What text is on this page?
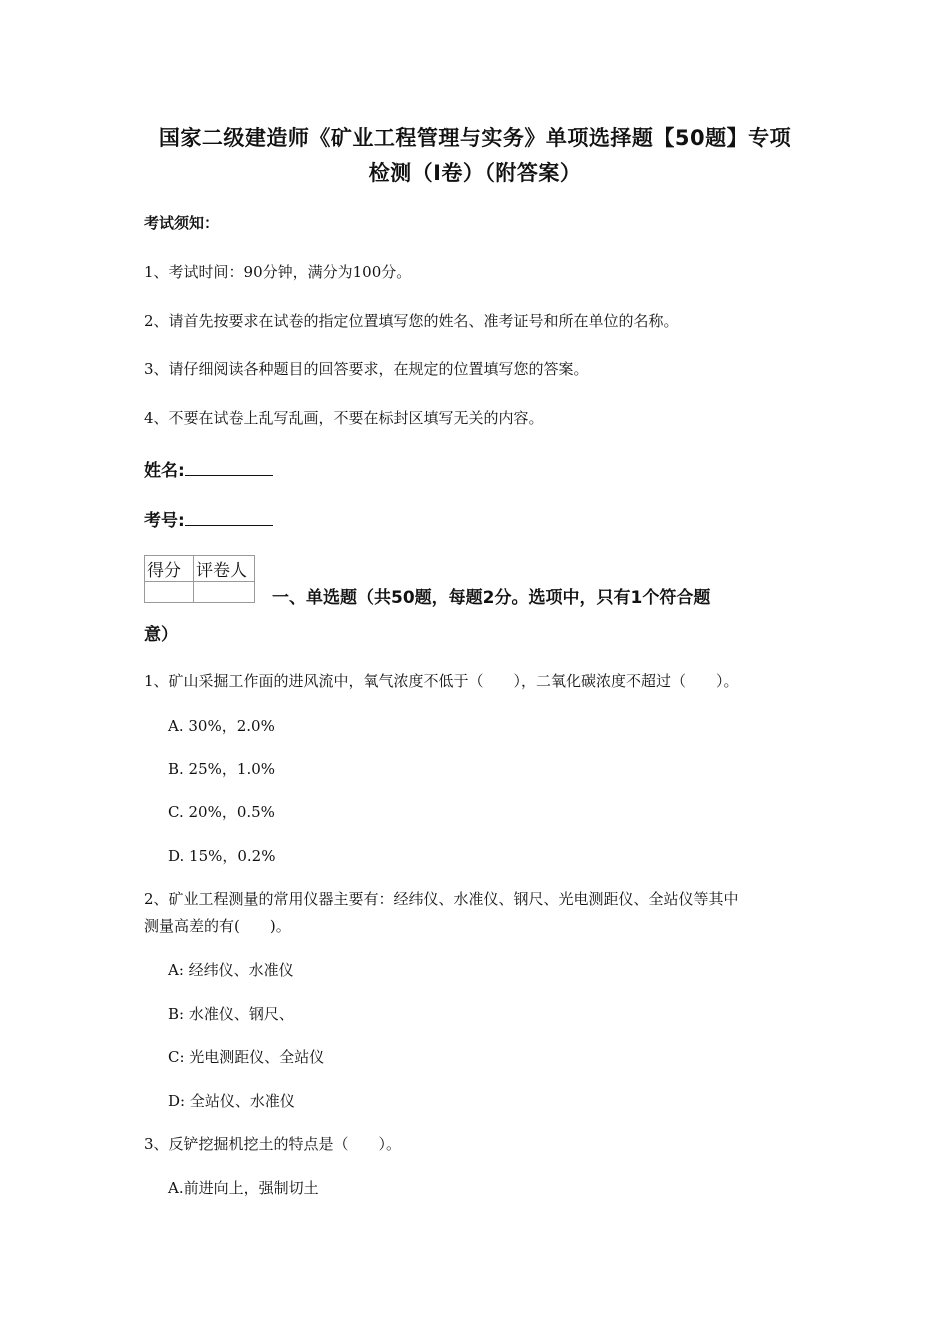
国家二级建造师《矿业工程管理与实务》单项选择题【50题】专项
检测（I卷）（附答案）
考试须知：
1、考试时间：90分钟，满分为100分。
2、请首先按要求在试卷的指定位置填写您的姓名、准考证号和所在单位的名称。
3、请仔细阅读各种题目的回答要求，在规定的位置填写您的答案。
4、不要在试卷上乱写乱画，不要在标封区填写无关的内容。
姓名:
考号:
得分	评卷人

一、单选题（共50题，每题2分。选项中，只有1个符合题
意）
1、矿山采掘工作面的进风流中，氧气浓度不低于（　　），二氧化碳浓度不超过（　　）。
A. 30%，2.0%
B. 25%，1.0%
C. 20%，0.5%
D. 15%，0.2%
2、矿业工程测量的常用仪器主要有：经纬仪、水准仪、钢尺、光电测距仪、全站仪等其中
测量高差的有(　　)。
A: 经纬仪、水准仪
B: 水准仪、钢尺、
C: 光电测距仪、全站仪
D: 全站仪、水准仪
3、反铲挖掘机挖土的特点是（　　）。
A.前进向上，强制切土
